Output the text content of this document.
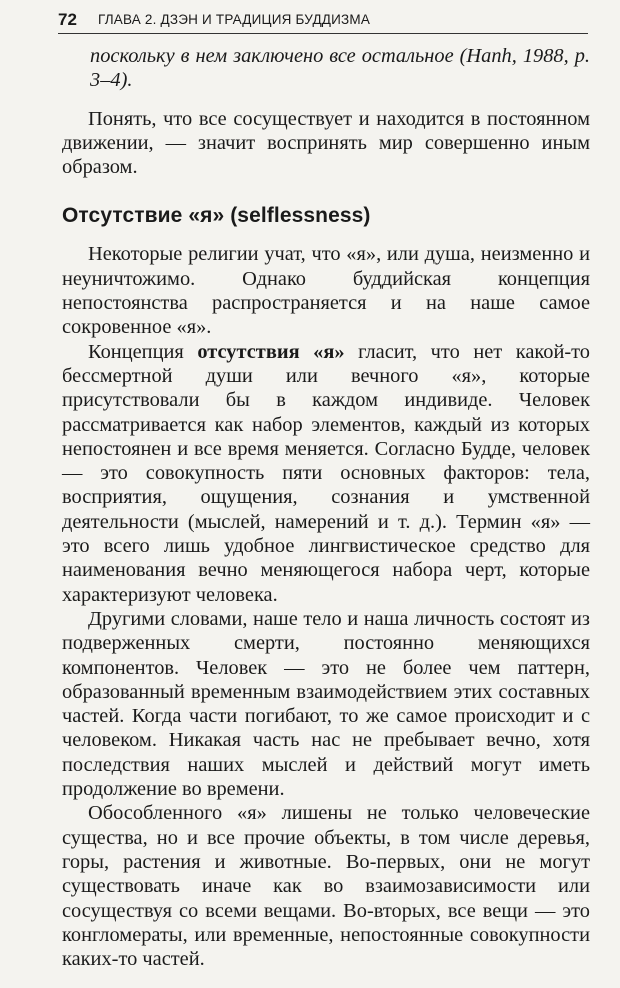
72 ГЛАВА 2. ДЗЭН И ТРАДИЦИЯ БУДДИЗМА

поскольку в нем заключено все остальное (Hanh, 1988, p. 3–4).

Понять, что все сосуществует и находится в постоянном движении, — значит воспринять мир совершенно иным образом.

Отсутствие «я» (selflessness)

Некоторые религии учат, что «я», или душа, неизменно и неуничтожимо. Однако буддийская концепция непостоянства распространяется и на наше самое сокровенное «я».

Концепция отсутствия «я» гласит, что нет какой-то бессмертной души или вечного «я», которые присутствовали бы в каждом индивиде. Человек рассматривается как набор элементов, каждый из которых непостоянен и все время меняется. Согласно Будде, человек — это совокупность пяти основных факторов: тела, восприятия, ощущения, сознания и умственной деятельности (мыслей, намерений и т. д.). Термин «я» — это всего лишь удобное лингвистическое средство для наименования вечно меняющегося набора черт, которые характеризуют человека.

Другими словами, наше тело и наша личность состоят из подверженных смерти, постоянно меняющихся компонентов. Человек — это не более чем паттерн, образованный временным взаимодействием этих составных частей. Когда части погибают, то же самое происходит и с человеком. Никакая часть нас не пребывает вечно, хотя последствия наших мыслей и действий могут иметь продолжение во времени.

Обособленного «я» лишены не только человеческие существа, но и все прочие объекты, в том числе деревья, горы, растения и животные. Во-первых, они не могут существовать иначе как во взаимозависимости или сосуществуя со всеми вещами. Во-вторых, все вещи — это конгломераты, или временные, непостоянные совокупности каких-то частей.
